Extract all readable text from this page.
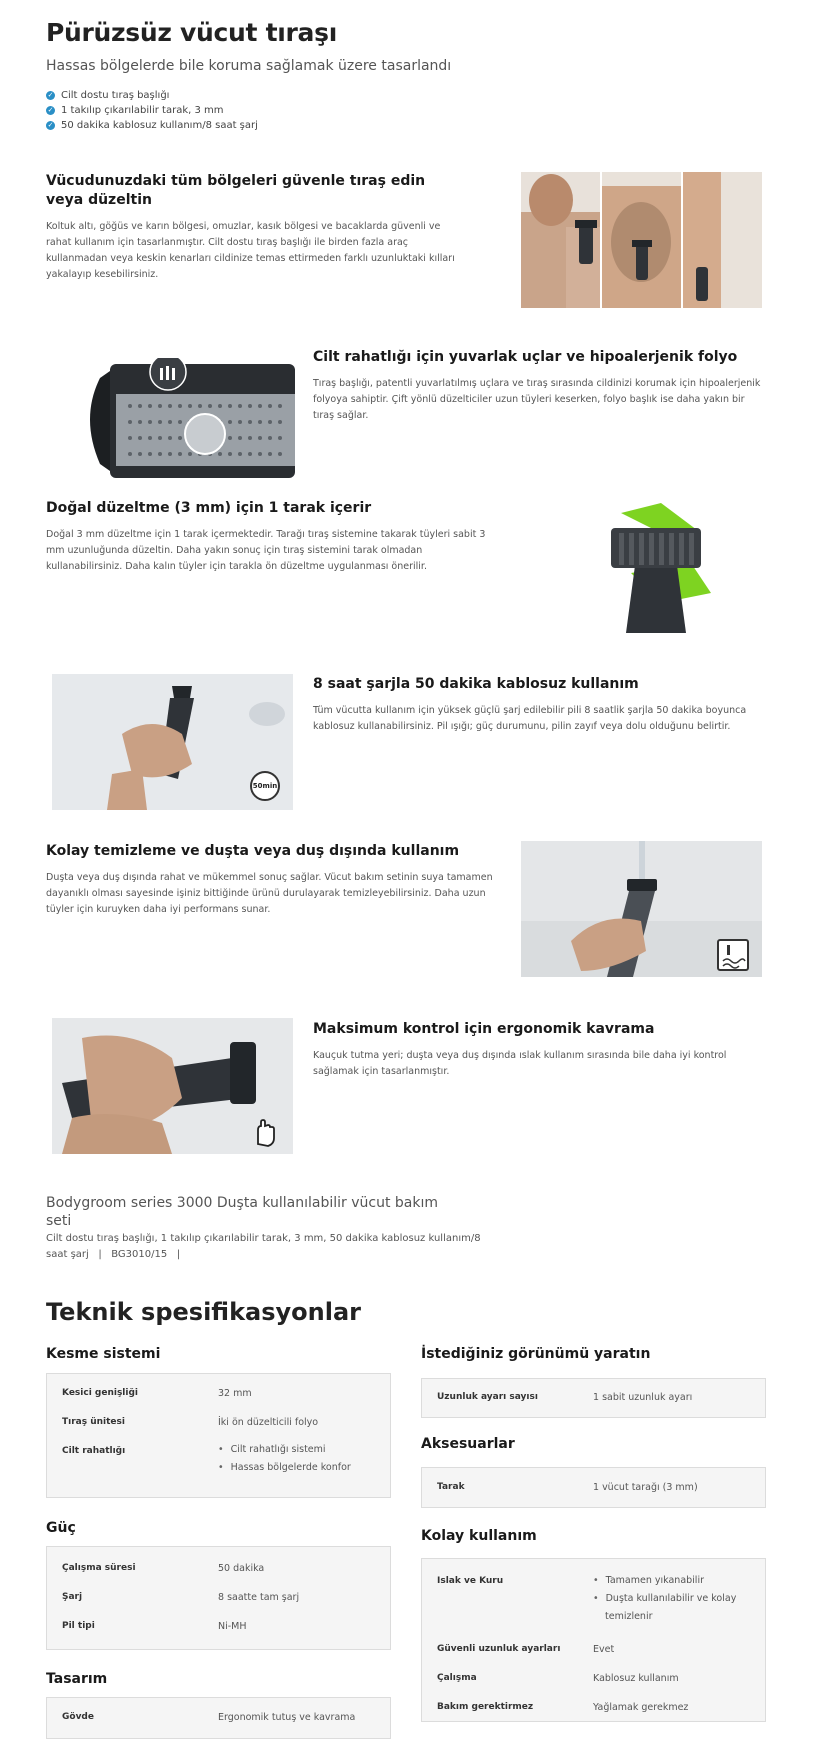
Pürüzsüz vücut tıraşı
Hassas bölgelerde bile koruma sağlamak üzere tasarlandı
✓ Cilt dostu tıraş başlığı
✓ 1 takılıp çıkarılabilir tarak, 3 mm
✓ 50 dakika kablosuz kullanım/8 saat şarj
Vücudunuzdaki tüm bölgeleri güvenle tıraş edin veya düzeltin
Koltuk altı, göğüs ve karın bölgesi, omuzlar, kasık bölgesi ve bacaklarda güvenli ve rahat kullanım için tasarlanmıştır. Cilt dostu tıraş başlığı ile birden fazla araç kullanmadan veya keskin kenarları cildinize temas ettirmeden farklı uzunluktaki kılları yakalayıp kesebilirsiniz.
Cilt rahatlığı için yuvarlak uçlar ve hipoalerjenik folyo
Tıraş başlığı, patentli yuvarlatılmış uçlara ve tıraş sırasında cildinizi korumak için hipoalerjenik folyoya sahiptir. Çift yönlü düzelticiler uzun tüyleri keserken, folyo başlık ise daha yakın bir tıraş sağlar.
Doğal düzeltme (3 mm) için 1 tarak içerir
Doğal 3 mm düzeltme için 1 tarak içermektedir. Tarağı tıraş sistemine takarak tüyleri sabit 3 mm uzunluğunda düzeltin. Daha yakın sonuç için tıraş sistemini tarak olmadan kullanabilirsiniz. Daha kalın tüyler için tarakla ön düzeltme uygulanması önerilir.
50min
8 saat şarjla 50 dakika kablosuz kullanım
Tüm vücutta kullanım için yüksek güçlü şarj edilebilir pili 8 saatlik şarjla 50 dakika boyunca kablosuz kullanabilirsiniz. Pil ışığı; güç durumunu, pilin zayıf veya dolu olduğunu belirtir.
Kolay temizleme ve duşta veya duş dışında kullanım
Duşta veya duş dışında rahat ve mükemmel sonuç sağlar. Vücut bakım setinin suya tamamen dayanıklı olması sayesinde işiniz bittiğinde ürünü durulayarak temizleyebilirsiniz. Daha uzun tüyler için kuruyken daha iyi performans sunar.
Maksimum kontrol için ergonomik kavrama
Kauçuk tutma yeri; duşta veya duş dışında ıslak kullanım sırasında bile daha iyi kontrol sağlamak için tasarlanmıştır.
Bodygroom series 3000 Duşta kullanılabilir vücut bakım seti
Cilt dostu tıraş başlığı, 1 takılıp çıkarılabilir tarak, 3 mm, 50 dakika kablosuz kullanım/8
saat şarj   |   BG3010/15   |
Teknik spesifikasyonlar
Kesme sistemi
Kesici genişliği	32 mm
Tıraş ünitesi	İki ön düzelticili folyo
Cilt rahatlığı	• Cilt rahatlığı sistemi
• Hassas bölgelerde konfor
Güç
Çalışma süresi	50 dakika
Şarj	8 saatte tam şarj
Pil tipi	Ni-MH
Tasarım
Gövde	Ergonomik tutuş ve kavrama
İstediğiniz görünümü yaratın
Uzunluk ayarı sayısı	1 sabit uzunluk ayarı
Aksesuarlar
Tarak	1 vücut tarağı (3 mm)
Kolay kullanım
Islak ve Kuru	• Tamamen yıkanabilir
• Duşta kullanılabilir ve kolay
temizlenir
Güvenli uzunluk ayarları	Evet
Çalışma	Kablosuz kullanım
Bakım gerektirmez	Yağlamak gerekmez
